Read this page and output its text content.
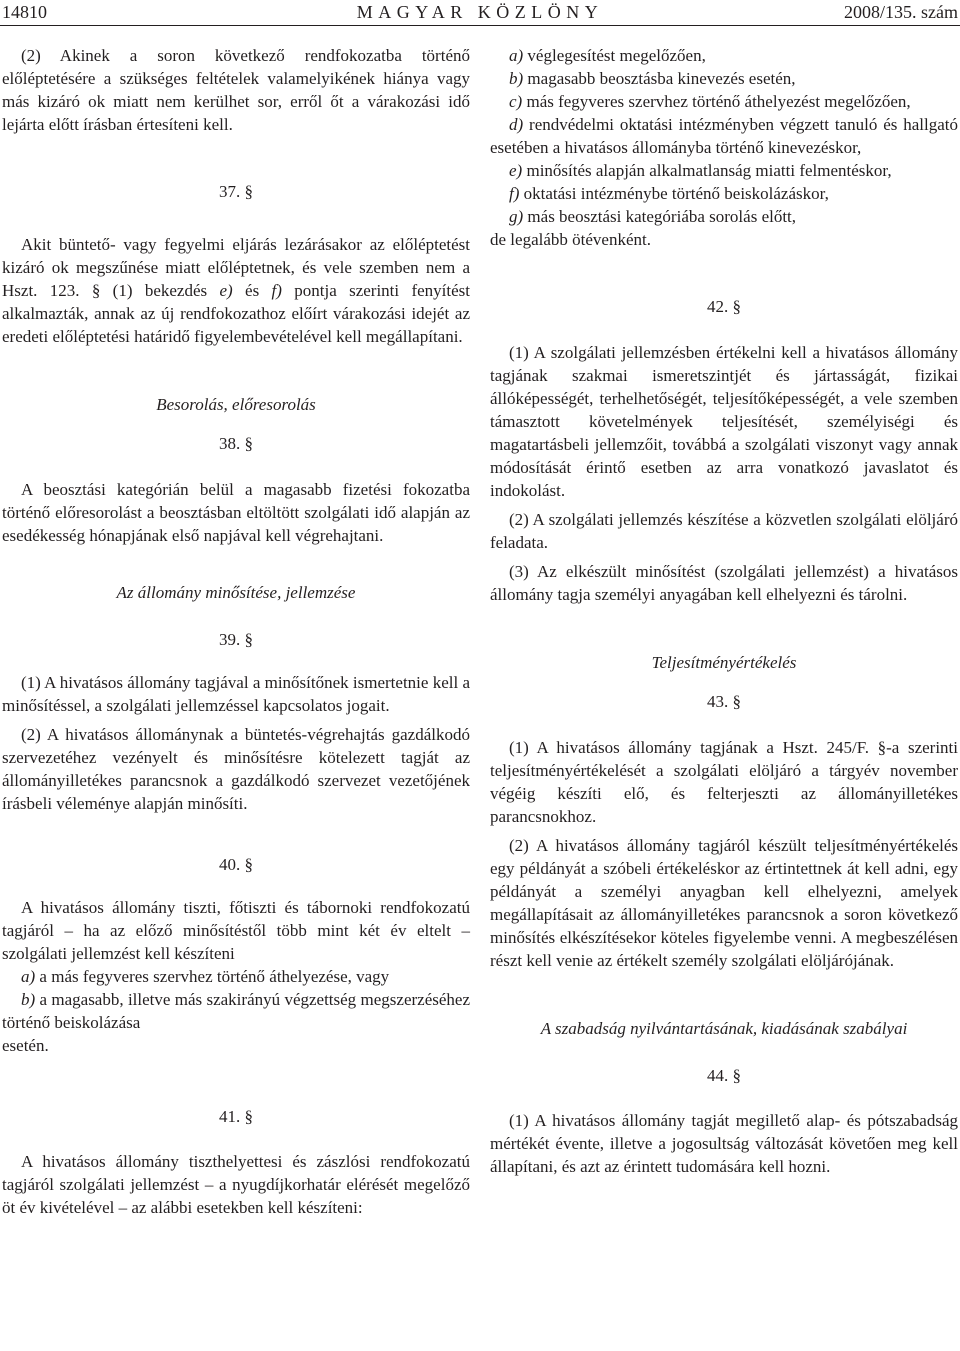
14810	MAGYAR KÖZLÖNY	2008/135. szám

(2) Akinek a soron következő rendfokozatba történő előléptetésére a szükséges feltételek valamelyikének hiánya vagy más kizáró ok miatt nem kerülhet sor, erről őt a várakozási idő lejárta előtt írásban értesíteni kell.

37. §

Akit büntető- vagy fegyelmi eljárás lezárásakor az előléptetést kizáró ok megszűnése miatt előléptetnek, és vele szemben nem a Hszt. 123. § (1) bekezdés e) és f) pontja szerinti fenyítést alkalmazták, annak az új rendfokozathoz előírt várakozási idejét az eredeti előléptetési határidő figyelembevételével kell megállapítani.

Besorolás, előresorolás

38. §

A beosztási kategórián belül a magasabb fizetési fokozatba történő előresorolást a beosztásban eltöltött szolgálati idő alapján az esedékesség hónapjának első napjával kell végrehajtani.

Az állomány minősítése, jellemzése

39. §

(1) A hivatásos állomány tagjával a minősítőnek ismertetnie kell a minősítéssel, a szolgálati jellemzéssel kapcsolatos jogait.

(2) A hivatásos állománynak a büntetés-végrehajtás gazdálkodó szervezetéhez vezényelt és minősítésre kötelezett tagját az állományilletékes parancsnok a gazdálkodó szervezet vezetőjének írásbeli véleménye alapján minősíti.

40. §

A hivatásos állomány tiszti, főtiszti és tábornoki rendfokozatú tagjáról – ha az előző minősítéstől több mint két év eltelt – szolgálati jellemzést kell készíteni

a) a más fegyveres szervhez történő áthelyezése, vagy

b) a magasabb, illetve más szakirányú végzettség megszerzéséhez történő beiskolázása

esetén.

41. §

A hivatásos állomány tiszthelyettesi és zászlósi rendfokozatú tagjáról szolgálati jellemzést – a nyugdíjkorhatár elérését megelőző öt év kivételével – az alábbi esetekben kell készíteni:

a) véglegesítést megelőzően,

b) magasabb beosztásba kinevezés esetén,

c) más fegyveres szervhez történő áthelyezést megelőzően,

d) rendvédelmi oktatási intézményben végzett tanuló és hallgató esetében a hivatásos állományba történő kinevezéskor,

e) minősítés alapján alkalmatlanság miatti felmentéskor,

f) oktatási intézménybe történő beiskolázáskor,

g) más beosztási kategóriába sorolás előtt,

de legalább ötévenként.

42. §

(1) A szolgálati jellemzésben értékelni kell a hivatásos állomány tagjának szakmai ismeretszintjét és jártasságát, fizikai állóképességét, terhelhetőségét, teljesítőképességét, a vele szemben támasztott követelmények teljesítését, személyiségi és magatartásbeli jellemzőit, továbbá a szolgálati viszonyt vagy annak módosítását érintő esetben az arra vonatkozó javaslatot és indokolást.

(2) A szolgálati jellemzés készítése a közvetlen szolgálati elöljáró feladata.

(3) Az elkészült minősítést (szolgálati jellemzést) a hivatásos állomány tagja személyi anyagában kell elhelyezni és tárolni.

Teljesítményértékelés

43. §

(1) A hivatásos állomány tagjának a Hszt. 245/F. §-a szerinti teljesítményértékelését a szolgálati elöljáró a tárgyév november végéig készíti elő, és felterjeszti az állományilletékes parancsnokhoz.

(2) A hivatásos állomány tagjáról készült teljesítményértékelés egy példányát a szóbeli értékeléskor az értintettnek át kell adni, egy példányát a személyi anyagban kell elhelyezni, amelyek megállapításait az állományilletékes parancsnok a soron következő minősítés elkészítésekor köteles figyelembe venni. A megbeszélésen részt kell venie az értékelt személy szolgálati elöljárójának.

A szabadság nyilvántartásának, kiadásának szabályai

44. §

(1) A hivatásos állomány tagját megillető alap- és pótszabadság mértékét évente, illetve a jogosultság változását követően meg kell állapítani, és azt az érintett tudomására kell hozni.
